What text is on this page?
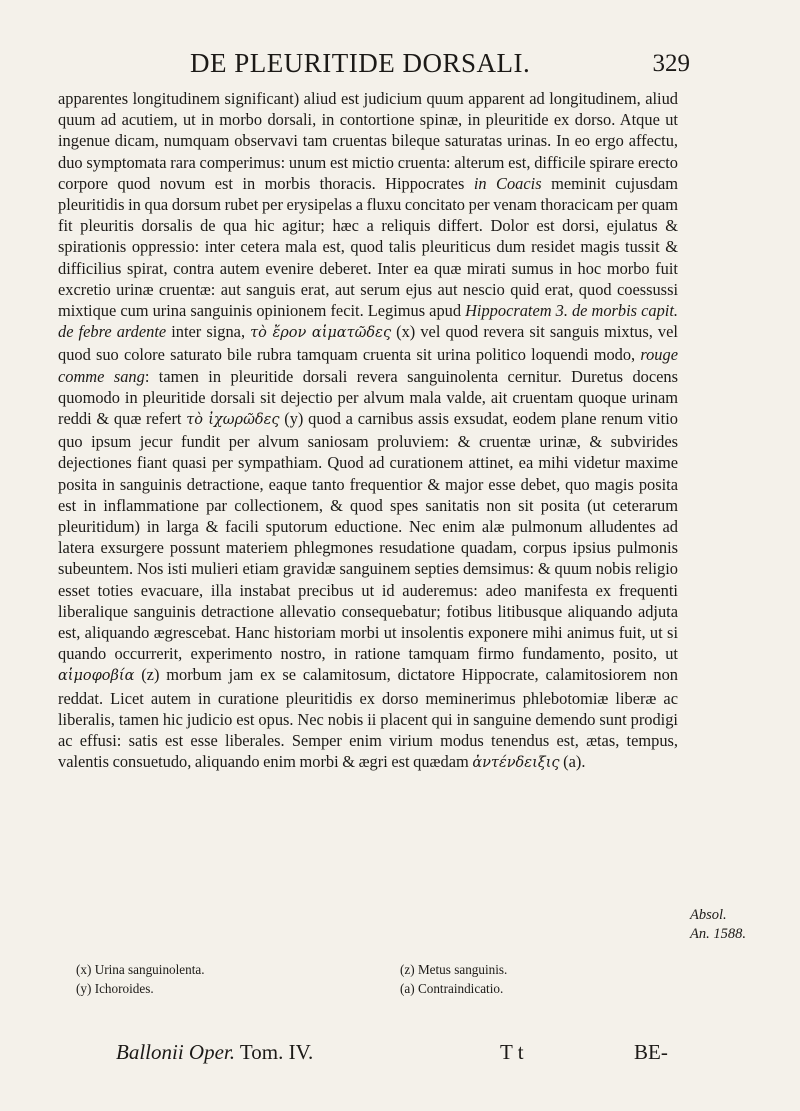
DE PLEURITIDE DORSALI.	329

apparentes longitudinem significant) aliud est judicium quum apparent ad longitudinem, aliud quum ad acutiem, ut in morbo dorsali, in contortione spinæ, in pleuritide ex dorso. Atque ut ingenue dicam, numquam observavi tam cruentas bileque saturatas urinas. In eo ergo affectu, duo symptomata rara comperimus: unum est mictio cruenta: alterum est, difficile spirare erecto corpore quod novum est in morbis thoracis. Hippocrates in Coacis meminit cujusdam pleuritidis in qua dorsum rubet per erysipelas a fluxu concitato per venam thoracicam per quam fit pleuritis dorsalis de qua hic agitur; hæc a reliquis differt. Dolor est dorsi, ejulatus & spirationis oppressio: inter cetera mala est, quod talis pleuriticus dum residet magis tussit & difficilius spirat, contra autem evenire deberet. Inter ea quæ mirati sumus in hoc morbo fuit excretio urinæ cruentæ: aut sanguis erat, aut serum ejus aut nescio quid erat, quod coessussi mixtique cum urina sanguinis opinionem fecit. Legimus apud Hippocratem 3. de morbis capit. de febre ardente inter signa, τὸ ἔρον αἱματῶδες (x) vel quod revera sit sanguis mixtus, vel quod suo colore saturato bile rubra tamquam cruenta sit urina politico loquendi modo, rouge comme sang: tamen in pleuritide dorsali revera sanguinolenta cernitur. Duretus docens quomodo in pleuritide dorsali sit dejectio per alvum mala valde, ait cruentam quoque urinam reddi & quæ refert τὸ ἰχωρῶδες (y) quod a carnibus assis exsudat, eodem plane renum vitio quo ipsum jecur fundit per alvum saniosam proluviem: & cruentæ urinæ, & subvirides dejectiones fiant quasi per sympathiam. Quod ad curationem attinet, ea mihi videtur maxime posita in sanguinis detractione, eaque tanto frequentior & major esse debet, quo magis posita est in inflammatione par collectionem, & quod spes sanitatis non sit posita (ut ceterarum pleuritidum) in larga & facili sputorum eductione. Nec enim alæ pulmonum alludentes ad latera exsurgere possunt materiem phlegmones resudatione quadam, corpus ipsius pulmonis subeuntem. Nos isti mulieri etiam gravidæ sanguinem septies demsimus: & quum nobis religio esset toties evacuare, illa instabat precibus ut id auderemus: adeo manifesta ex frequenti liberalique sanguinis detractione allevatio consequebatur; fotibus litibusque aliquando adjuta est, aliquando ægrescebat. Hanc historiam morbi ut insolentis exponere mihi animus fuit, ut si quando occurrerit, experimento nostro, in ratione tamquam firmo fundamento, posito, ut αἱμοφοβία (z) morbum jam ex se calamitosum, dictatore Hippocrate, calamitosiorem non reddat. Licet autem in curatione pleuritidis ex dorso meminerimus phlebotomiæ liberæ ac liberalis, tamen hic judicio est opus. Nec nobis ii placent qui in sanguine demendo sunt prodigi ac effusi: satis est esse liberales. Semper enim virium modus tenendus est, ætas, tempus, valentis consuetudo, aliquando enim morbi & ægri est quædam ἀντένδειξις (a).

Absol.
An. 1588.
(x) Urina sanguinolenta.
(y) Ichoroides.
(z) Metus sanguinis.
(a) Contraindicatio.
Ballonii Oper. Tom. IV.	T t	BE-
